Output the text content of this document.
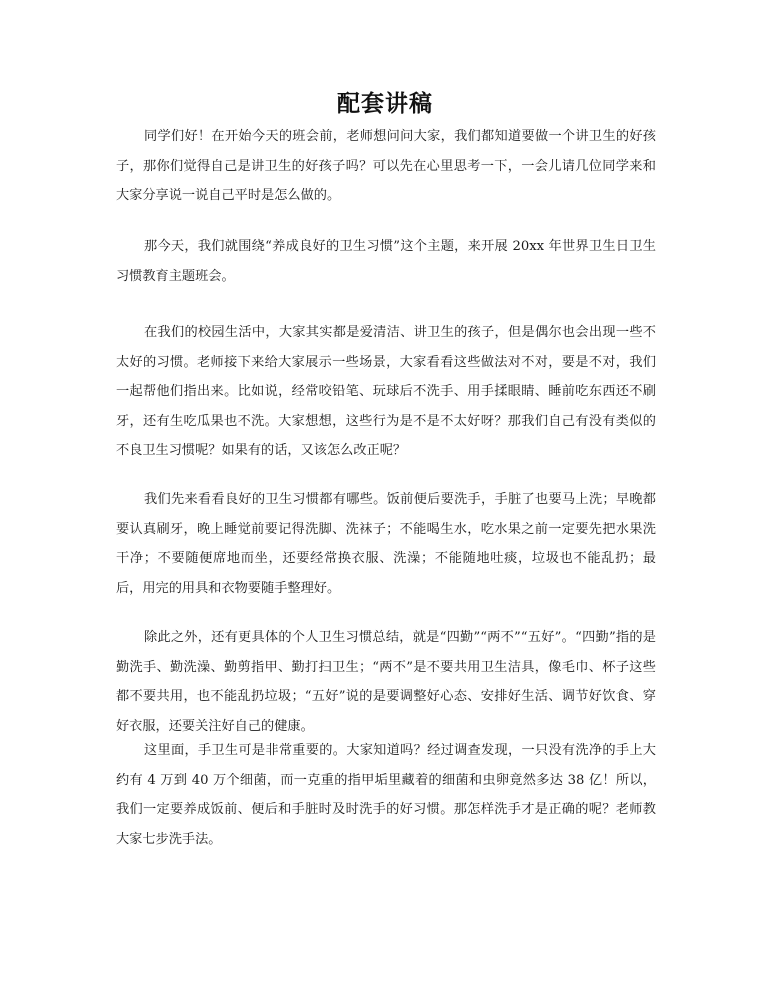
配套讲稿

同学们好！在开始今天的班会前，老师想问问大家，我们都知道要做一个讲卫生的好孩子，那你们觉得自己是讲卫生的好孩子吗？可以先在心里思考一下，一会儿请几位同学来和大家分享说一说自己平时是怎么做的。

那今天，我们就围绕“养成良好的卫生习惯”这个主题，来开展 20xx 年世界卫生日卫生习惯教育主题班会。

在我们的校园生活中，大家其实都是爱清洁、讲卫生的孩子，但是偶尔也会出现一些不太好的习惯。老师接下来给大家展示一些场景，大家看看这些做法对不对，要是不对，我们一起帮他们指出来。比如说，经常咬铅笔、玩球后不洗手、用手揉眼睛、睡前吃东西还不刷牙，还有生吃瓜果也不洗。大家想想，这些行为是不是不太好呀？那我们自己有没有类似的不良卫生习惯呢？如果有的话，又该怎么改正呢？

我们先来看看良好的卫生习惯都有哪些。饭前便后要洗手，手脏了也要马上洗；早晚都要认真刷牙，晚上睡觉前要记得洗脚、洗袜子；不能喝生水，吃水果之前一定要先把水果洗干净；不要随便席地而坐，还要经常换衣服、洗澡；不能随地吐痰，垃圾也不能乱扔；最后，用完的用具和衣物要随手整理好。

除此之外，还有更具体的个人卫生习惯总结，就是“四勤”“两不”“五好”。“四勤”指的是勤洗手、勤洗澡、勤剪指甲、勤打扫卫生；“两不”是不要共用卫生洁具，像毛巾、杯子这些都不要共用，也不能乱扔垃圾；“五好”说的是要调整好心态、安排好生活、调节好饮食、穿好衣服，还要关注好自己的健康。

这里面，手卫生可是非常重要的。大家知道吗？经过调查发现，一只没有洗净的手上大约有 4 万到 40 万个细菌，而一克重的指甲垢里藏着的细菌和虫卵竟然多达 38 亿！所以，我们一定要养成饭前、便后和手脏时及时洗手的好习惯。那怎样洗手才是正确的呢？老师教大家七步洗手法。
